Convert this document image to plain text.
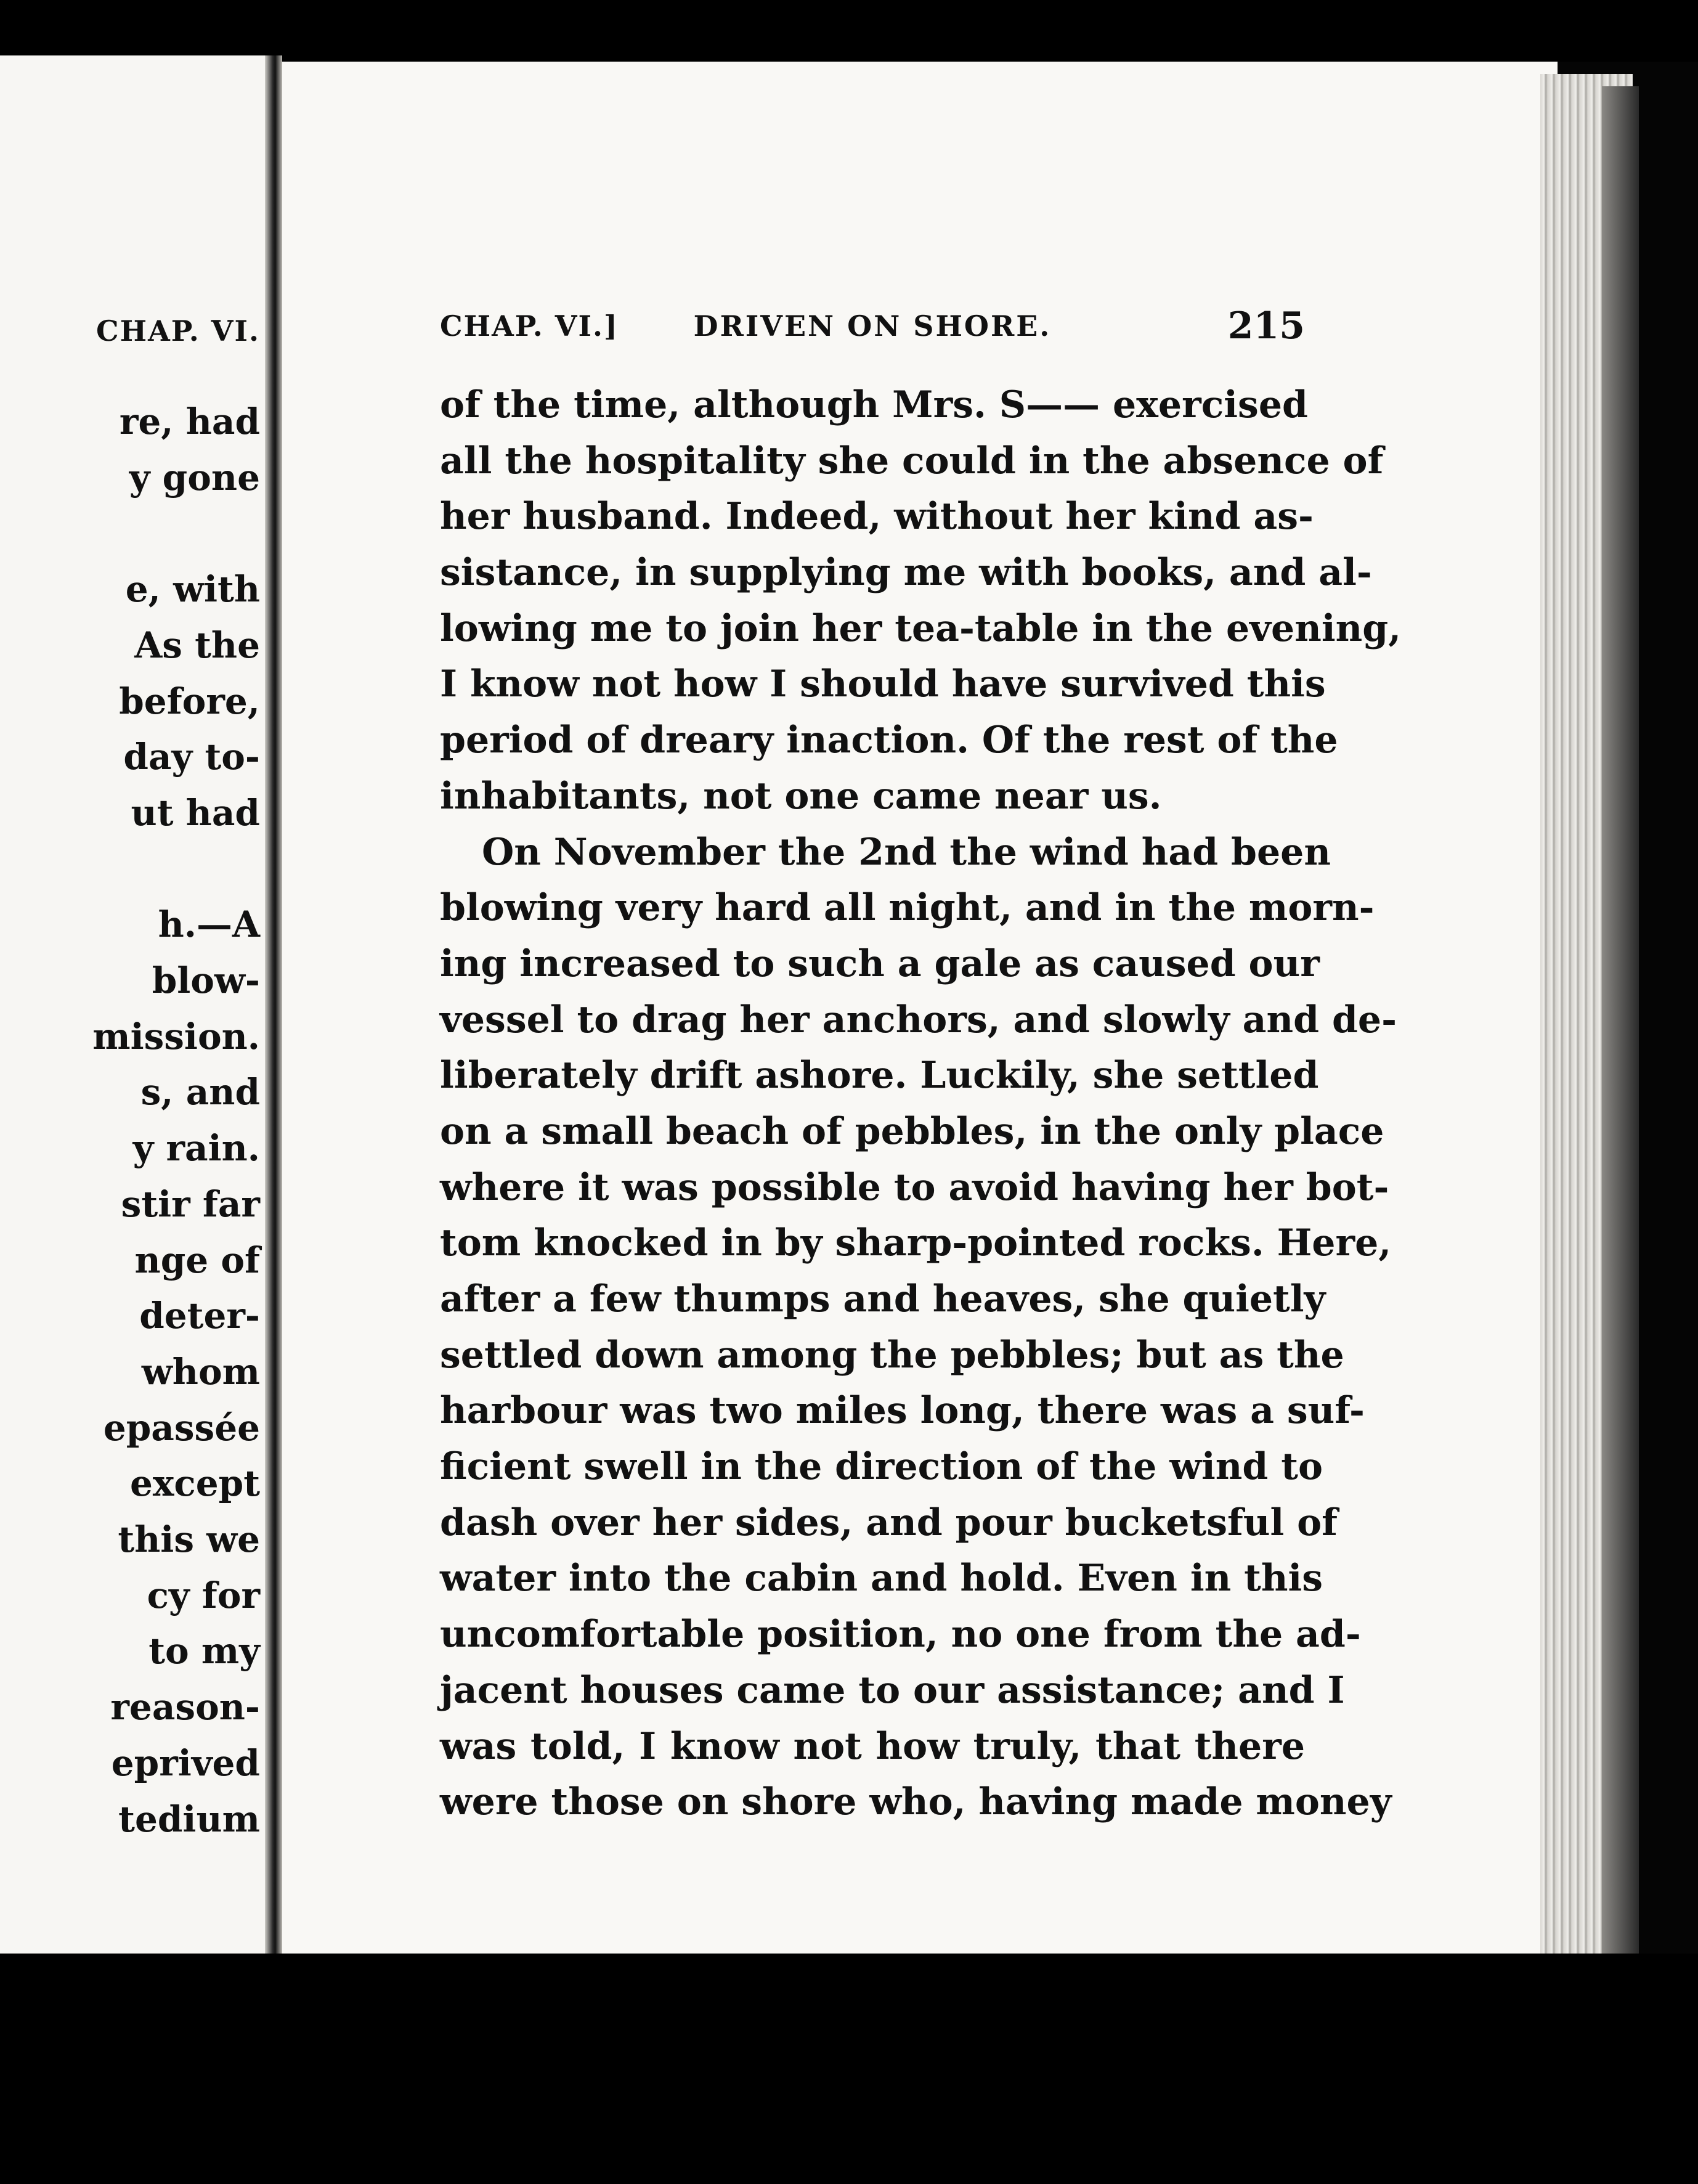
CHAP. VI.
re, had
y gone
e, with
As the
before,
day to-
ut had
h.—A
blow-
mission.
s, and
y rain.
stir far
nge of
deter-
whom
epassée
except
this we
cy for
to my
reason-
eprived
tedium
CHAP. VI.]	DRIVEN ON SHORE.	215
of the time, although Mrs. S—— exercised
all the hospitality she could in the absence of
her husband. Indeed, without her kind as-
sistance, in supplying me with books, and al-
lowing me to join her tea-table in the evening,
I know not how I should have survived this
period of dreary inaction. Of the rest of the
inhabitants, not one came near us.
On November the 2nd the wind had been
blowing very hard all night, and in the morn-
ing increased to such a gale as caused our
vessel to drag her anchors, and slowly and de-
liberately drift ashore. Luckily, she settled
on a small beach of pebbles, in the only place
where it was possible to avoid having her bot-
tom knocked in by sharp-pointed rocks. Here,
after a few thumps and heaves, she quietly
settled down among the pebbles; but as the
harbour was two miles long, there was a suf-
ficient swell in the direction of the wind to
dash over her sides, and pour bucketsful of
water into the cabin and hold. Even in this
uncomfortable position, no one from the ad-
jacent houses came to our assistance; and I
was told, I know not how truly, that there
were those on shore who, having made money
